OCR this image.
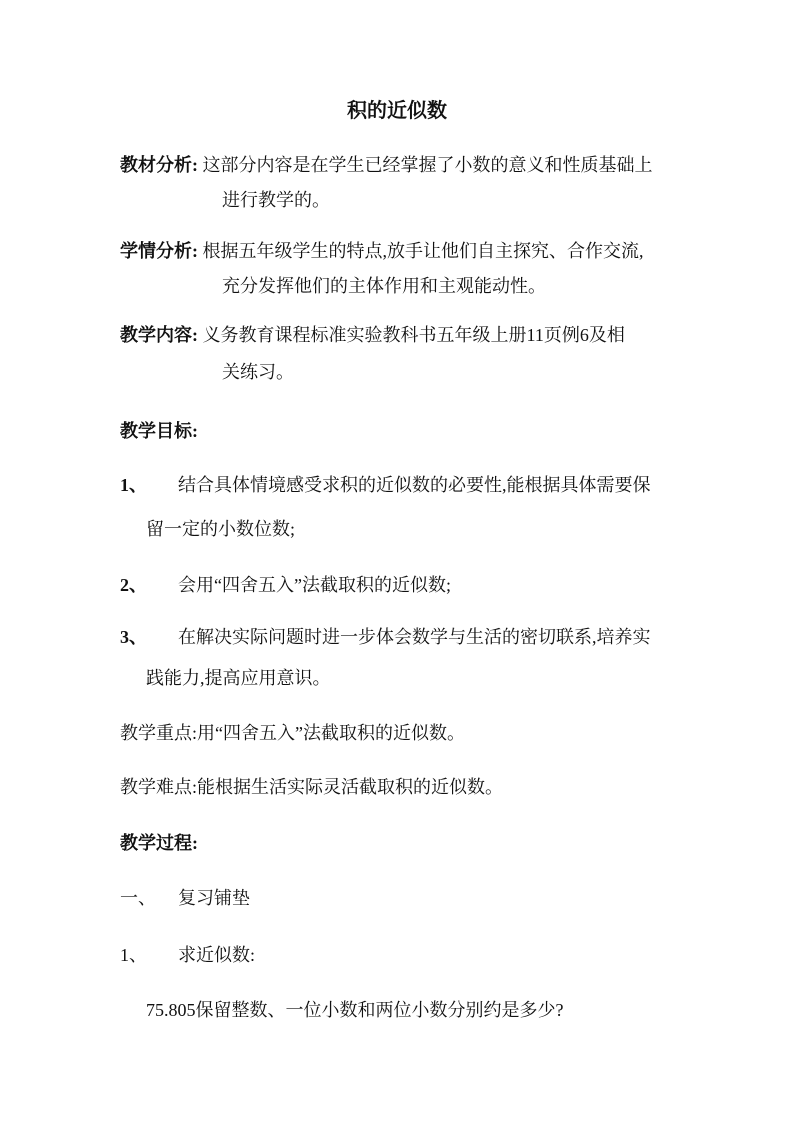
积的近似数
教材分析: 这部分内容是在学生已经掌握了小数的意义和性质基础上
进行教学的。
学情分析: 根据五年级学生的特点,放手让他们自主探究、合作交流,
充分发挥他们的主体作用和主观能动性。
教学内容: 义务教育课程标准实验教科书五年级上册11页例6及相
关练习。
教学目标:
1、 结合具体情境感受求积的近似数的必要性,能根据具体需要保
留一定的小数位数;
2、 会用“四舍五入”法截取积的近似数;
3、 在解决实际问题时进一步体会数学与生活的密切联系,培养实
践能力,提高应用意识。
教学重点:用“四舍五入”法截取积的近似数。
教学难点:能根据生活实际灵活截取积的近似数。
教学过程:
一、 复习铺垫
1、 求近似数:
75.805保留整数、一位小数和两位小数分别约是多少?
